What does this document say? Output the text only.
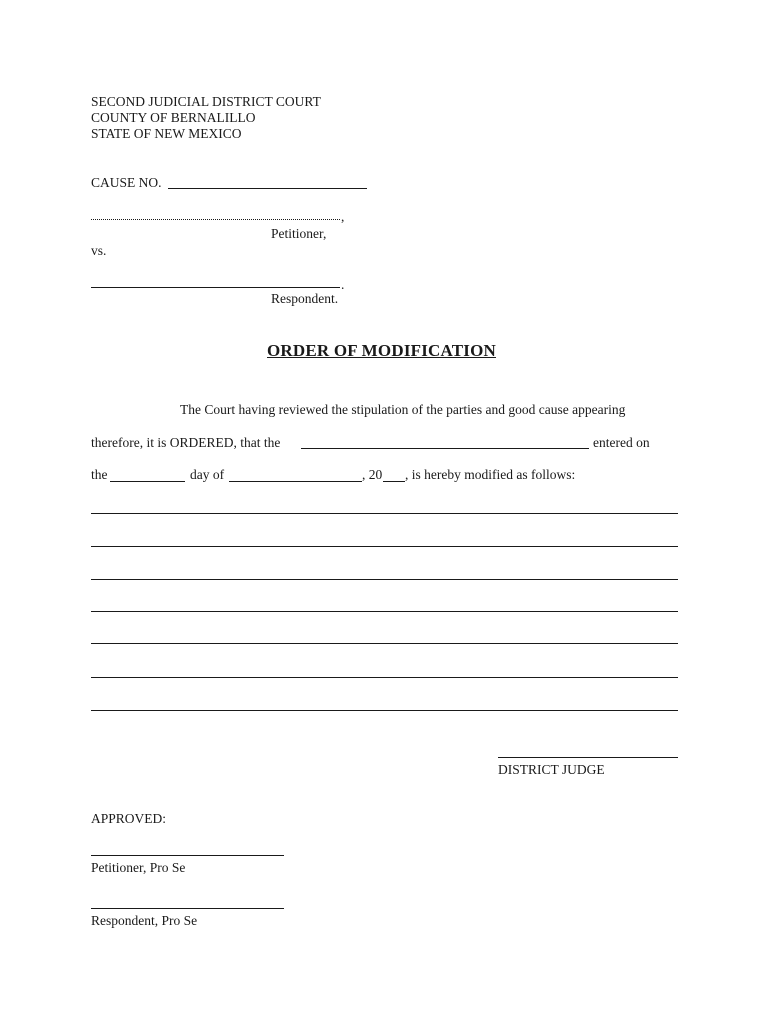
SECOND JUDICIAL DISTRICT COURT
COUNTY OF BERNALILLO
STATE OF NEW MEXICO
CAUSE NO.
,
Petitioner,
vs.
.
Respondent.
ORDER OF MODIFICATION
The Court having reviewed the stipulation of the parties and good cause appearing
therefore, it is ORDERED, that the	entered on
the	day of	, 20 , is hereby modified as follows:
DISTRICT JUDGE
APPROVED:
Petitioner, Pro Se
Respondent, Pro Se
